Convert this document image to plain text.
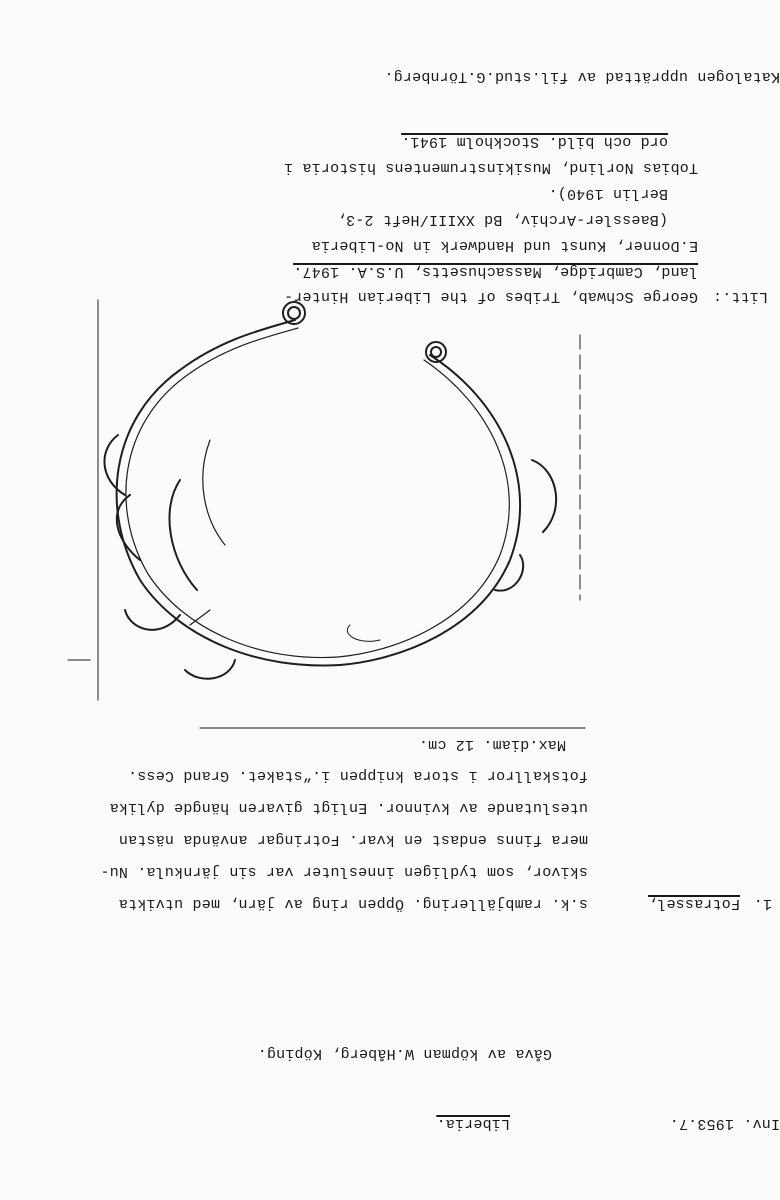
Inv. 1953.7.
Liberia.
Gåva av köpman W.Håberg, Köping.
1.
Fotrassel,
s.k. rambjällering. Öppen ring av järn, med utvikta
skivor, som tydligen innesluter var sin järnkula. Nu-
mera finns endast en kvar. Fotringar använda nästan
uteslutande av kvinnor. Enligt givaren hängde dylika
fotskallror i stora knippen i.“staket. Grand Cess.
Max.diam. 12 cm.
Litt.:
George Schwab, Tribes of the Liberian Hinter-
land, Cambridge, Massachusetts, U.S.A. 1947.
E.Donner, Kunst und Handwerk in No-Liberia
(Baessler-Archiv, Bd XXIII/Heft 2-3,
Berlin 1940).
Tobias Norlind, Musikinstrumentens historia i
ord och bild. Stockholm 1941.
Katalogen upprättad av fil.stud.G.Törnberg.
